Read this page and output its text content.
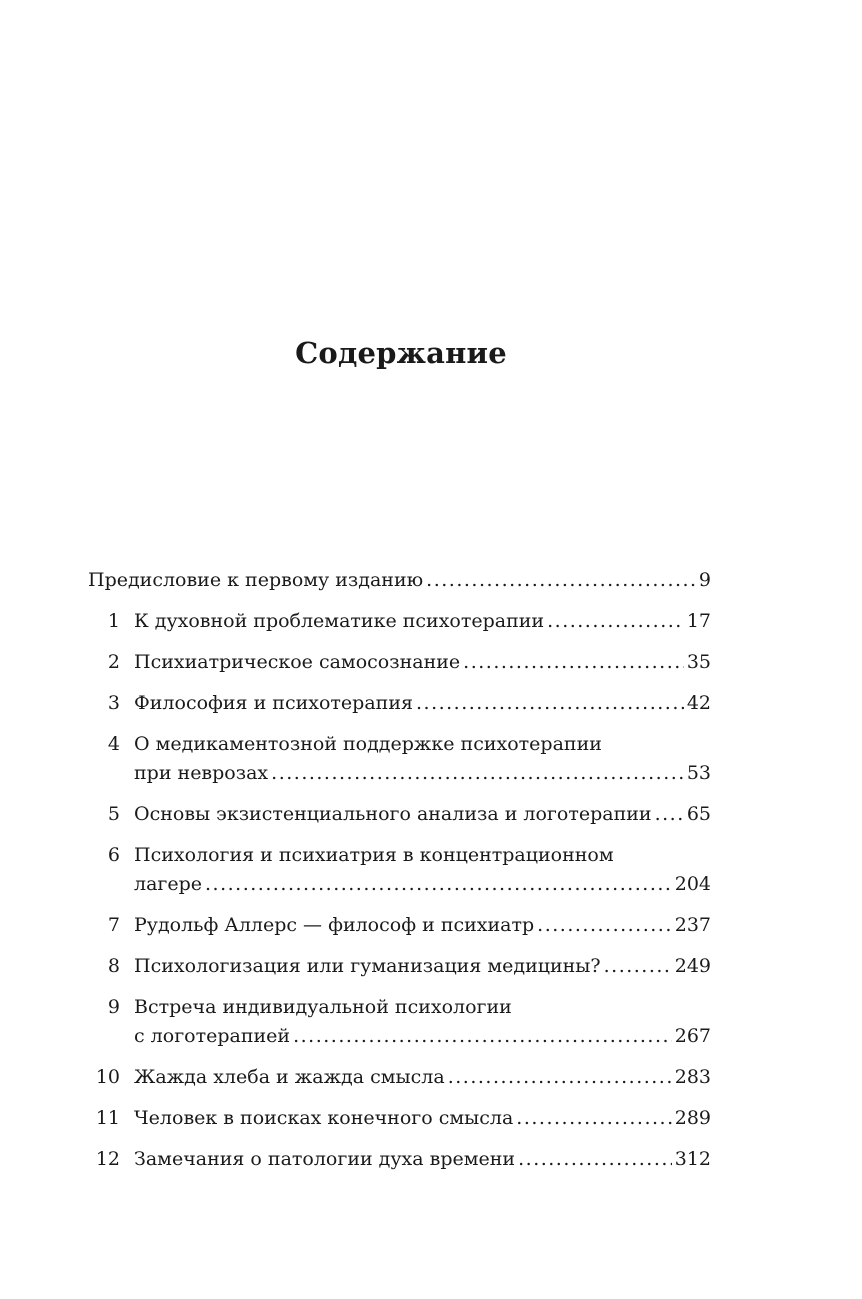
Содержание
Предисловие к первому изданию .....	9
1 К духовной проблематике психотерапии .....	17
2 Психиатрическое самосознание .....	35
3 Философия и психотерапия .....	42
4 О медикаментозной поддержке психотерапии
при неврозах .....	53
5 Основы экзистенциального анализа и логотерапии ..... 65
6 Психология и психиатрия в концентрационном
лагере .....	204
7 Рудольф Аллерс — философ и психиатр .....	237
8 Психологизация или гуманизация медицины? .....	249
9 Встреча индивидуальной психологии
с логотерапией .....	267
10 Жажда хлеба и жажда смысла .....	283
11 Человек в поисках конечного смысла .....	289
12 Замечания о патологии духа времени .....	312
